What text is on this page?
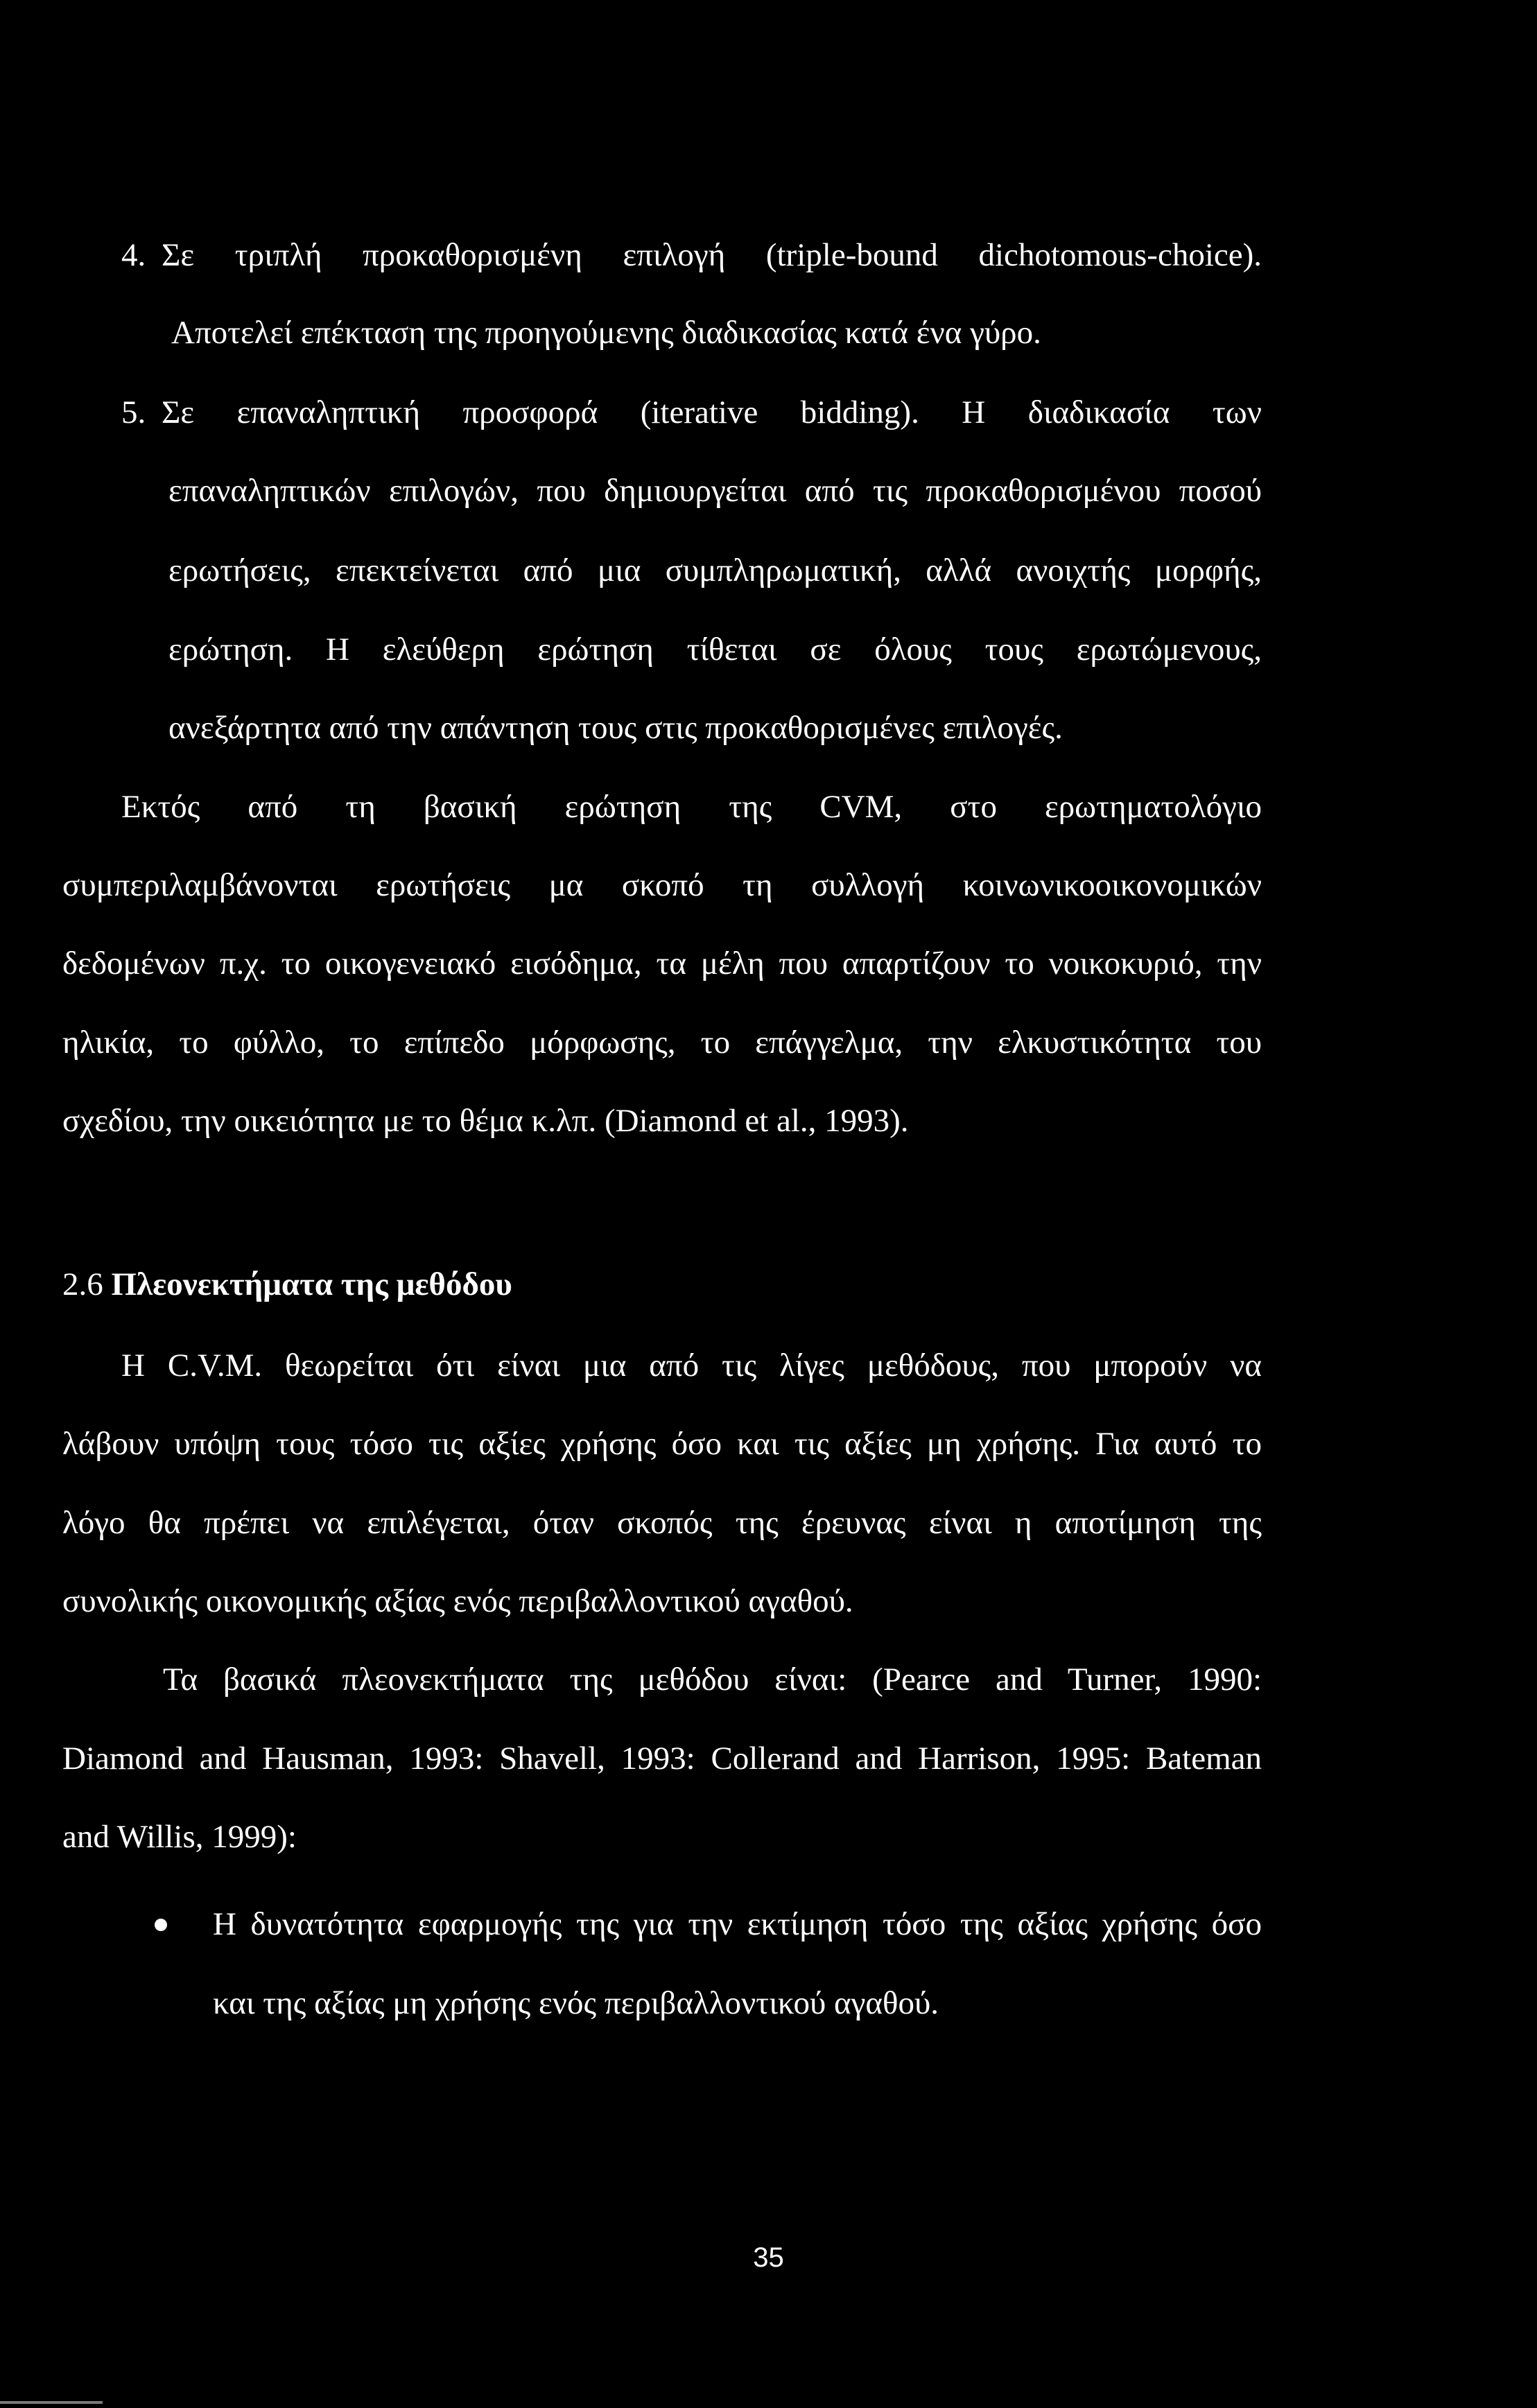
4. Σε τριπλή προκαθορισμένη επιλογή (triple-bound dichotomous-choice).

Αποτελεί επέκταση της προηγούμενης διαδικασίας κατά ένα γύρο.

5. Σε επαναληπτική προσφορά (iterative bidding). Η διαδικασία των

επαναληπτικών επιλογών, που δημιουργείται από τις προκαθορισμένου ποσού

ερωτήσεις, επεκτείνεται από μια συμπληρωματική, αλλά ανοιχτής μορφής,

ερώτηση. Η ελεύθερη ερώτηση τίθεται σε όλους τους ερωτώμενους,

ανεξάρτητα από την απάντηση τους στις προκαθορισμένες επιλογές.

Εκτός από τη βασική ερώτηση της CVM, στο ερωτηματολόγιο

συμπεριλαμβάνονται ερωτήσεις μα σκοπό τη συλλογή κοινωνικοοικονομικών

δεδομένων π.χ. το οικογενειακό εισόδημα, τα μέλη που απαρτίζουν το νοικοκυριό, την

ηλικία, το φύλλο, το επίπεδο μόρφωσης, το επάγγελμα, την ελκυστικότητα του

σχεδίου, την οικειότητα με το θέμα κ.λπ. (Diamond et al., 1993).

2.6 Πλεονεκτήματα της μεθόδου

Η C.V.M. θεωρείται ότι είναι μια από τις λίγες μεθόδους, που μπορούν να

λάβουν υπόψη τους τόσο τις αξίες χρήσης όσο και τις αξίες μη χρήσης. Για αυτό το

λόγο θα πρέπει να επιλέγεται, όταν σκοπός της έρευνας είναι η αποτίμηση της

συνολικής οικονομικής αξίας ενός περιβαλλοντικού αγαθού.

Τα βασικά πλεονεκτήματα της μεθόδου είναι: (Pearce and Turner, 1990:

Diamond and Hausman, 1993: Shavell, 1993: Collerand and Harrison, 1995: Bateman

and Willis, 1999):

Η δυνατότητα εφαρμογής της για την εκτίμηση τόσο της αξίας χρήσης όσο

και της αξίας μη χρήσης ενός περιβαλλοντικού αγαθού.

35
